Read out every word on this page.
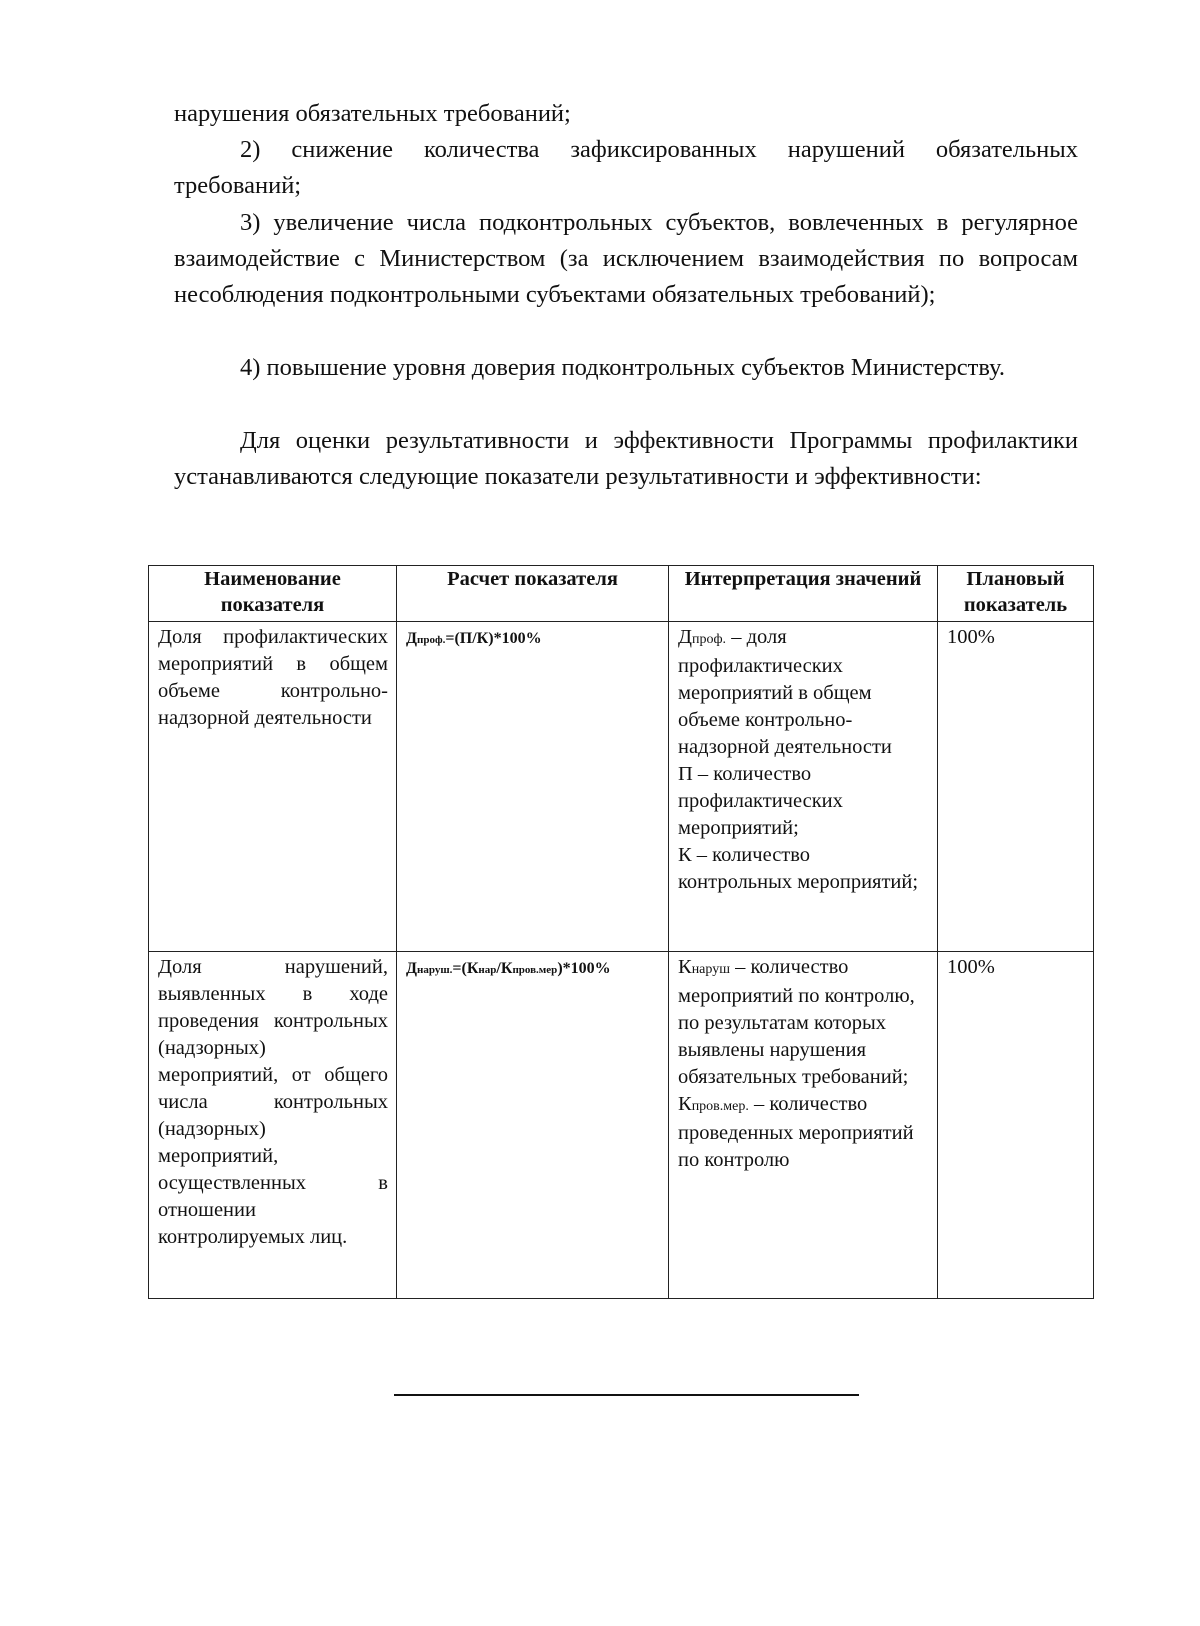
нарушения обязательных требований;
2) снижение количества зафиксированных нарушений обязательных требований;
3) увеличение числа подконтрольных субъектов, вовлеченных в регулярное взаимодействие с Министерством (за исключением взаимодействия по вопросам несоблюдения подконтрольными субъектами обязательных требований);
4) повышение уровня доверия подконтрольных субъектов Министерству.
Для оценки результативности и эффективности Программы профилактики устанавливаются следующие показатели результативности и эффективности:
Наименование показателя	Расчет показателя	Интерпретация значений	Плановый показатель
Доля профилактических мероприятий в общем объеме контрольно-надзорной деятельности	Дпроф.=(П/К)*100%	Дпроф. – доля профилактических мероприятий в общем объеме контрольно-надзорной деятельности
П – количество профилактических мероприятий;
К – количество контрольных мероприятий;	100%
Доля нарушений, выявленных в ходе проведения контрольных (надзорных) мероприятий, от общего числа контрольных (надзорных) мероприятий, осуществленных в отношении контролируемых лиц.	Днаруш.=(Кнар/Кпров.мер)*100%	Кнаруш – количество мероприятий по контролю, по результатам которых выявлены нарушения обязательных требований;
Кпров.мер. – количество проведенных мероприятий по контролю	100%
